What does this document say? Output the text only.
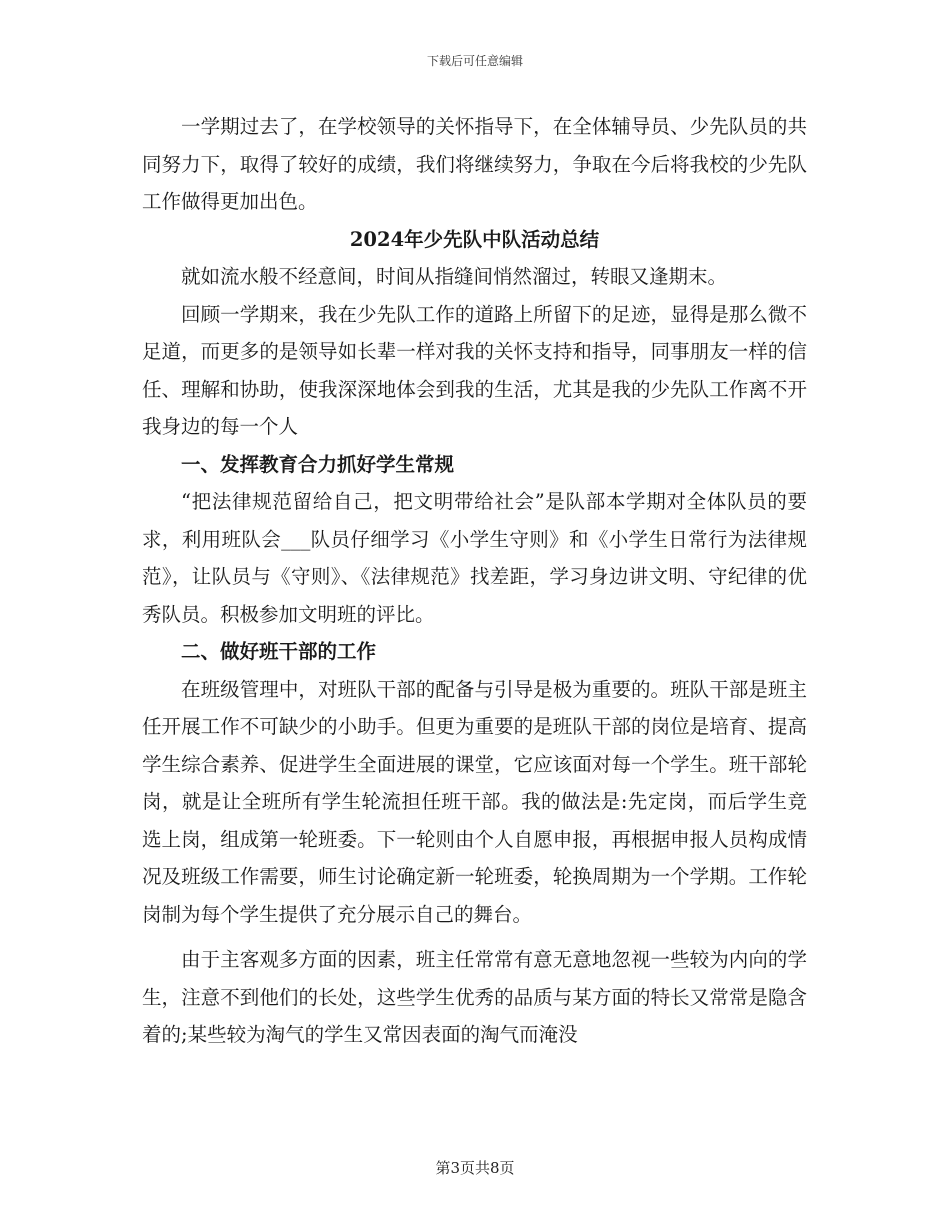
下载后可任意编辑

一学期过去了，在学校领导的关怀指导下，在全体辅导员、少先队员的共同努力下，取得了较好的成绩，我们将继续努力，争取在今后将我校的少先队工作做得更加出色。

2024年少先队中队活动总结

就如流水般不经意间，时间从指缝间悄然溜过，转眼又逢期末。

回顾一学期来，我在少先队工作的道路上所留下的足迹，显得是那么微不足道，而更多的是领导如长辈一样对我的关怀支持和指导，同事朋友一样的信任、理解和协助，使我深深地体会到我的生活，尤其是我的少先队工作离不开我身边的每一个人

一、发挥教育合力抓好学生常规

“把法律规范留给自己，把文明带给社会”是队部本学期对全体队员的要求，利用班队会___队员仔细学习《小学生守则》和《小学生日常行为法律规范》，让队员与《守则》、《法律规范》找差距，学习身边讲文明、守纪律的优秀队员。积极参加文明班的评比。

二、做好班干部的工作

在班级管理中，对班队干部的配备与引导是极为重要的。班队干部是班主任开展工作不可缺少的小助手。但更为重要的是班队干部的岗位是培育、提高学生综合素养、促进学生全面进展的课堂，它应该面对每一个学生。班干部轮岗，就是让全班所有学生轮流担任班干部。我的做法是:先定岗，而后学生竞选上岗，组成第一轮班委。下一轮则由个人自愿申报，再根据申报人员构成情况及班级工作需要，师生讨论确定新一轮班委，轮换周期为一个学期。工作轮岗制为每个学生提供了充分展示自己的舞台。

由于主客观多方面的因素，班主任常常有意无意地忽视一些较为内向的学生，注意不到他们的长处，这些学生优秀的品质与某方面的特长又常常是隐含着的;某些较为淘气的学生又常因表面的淘气而淹没

第3页共8页
